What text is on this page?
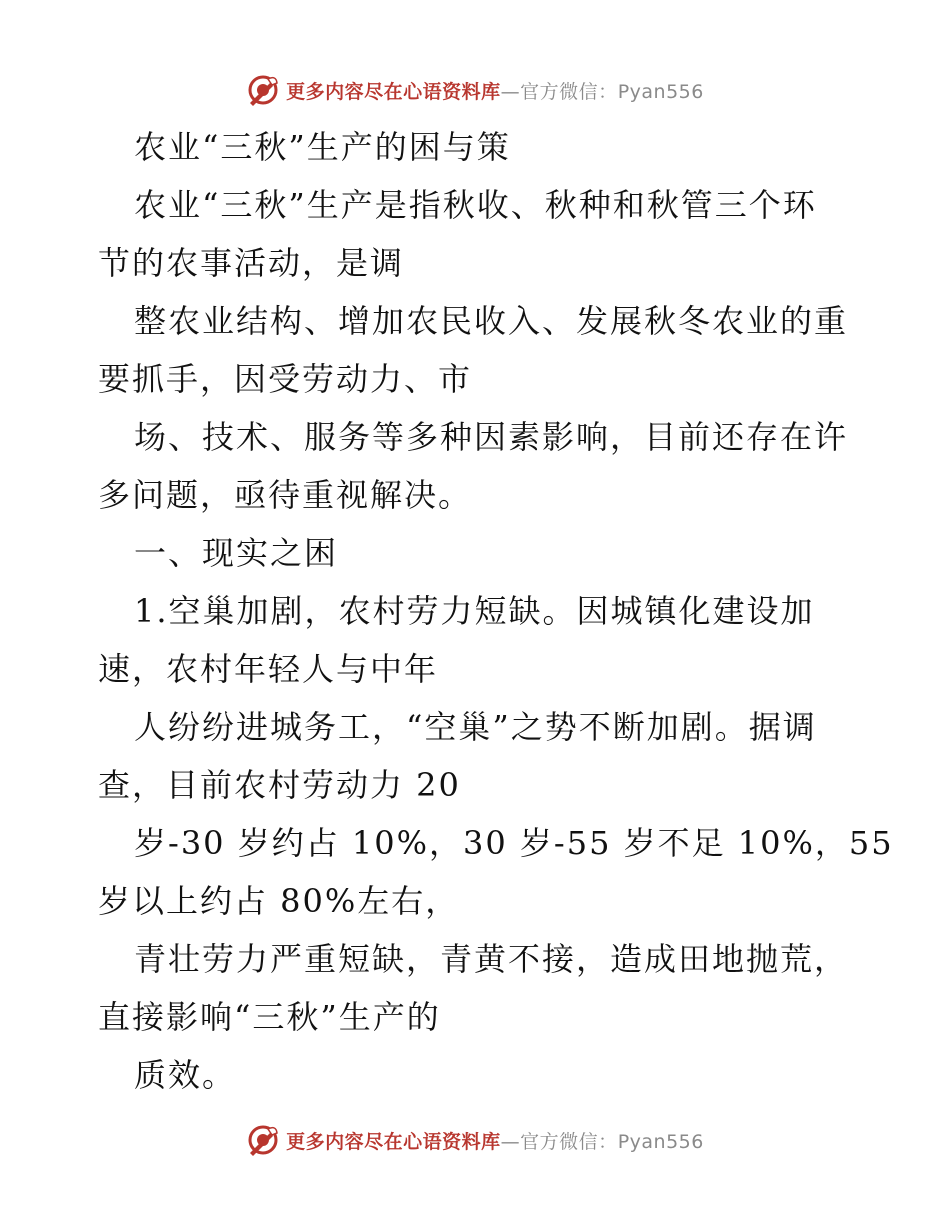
更多内容尽在心语资料库—官方微信：Pyan556

农业“三秋”生产的困与策

农业“三秋”生产是指秋收、秋种和秋管三个环

节的农事活动，是调

整农业结构、增加农民收入、发展秋冬农业的重

要抓手，因受劳动力、市

场、技术、服务等多种因素影响，目前还存在许

多问题，亟待重视解决。

一、现实之困

1.空巢加剧，农村劳力短缺。因城镇化建设加

速，农村年轻人与中年

人纷纷进城务工，“空巢”之势不断加剧。据调

查，目前农村劳动力 20

岁-30 岁约占 10%，30 岁-55 岁不足 10%，55

岁以上约占 80%左右，

青壮劳力严重短缺，青黄不接，造成田地抛荒，

直接影响“三秋”生产的

质效。

更多内容尽在心语资料库—官方微信：Pyan556
